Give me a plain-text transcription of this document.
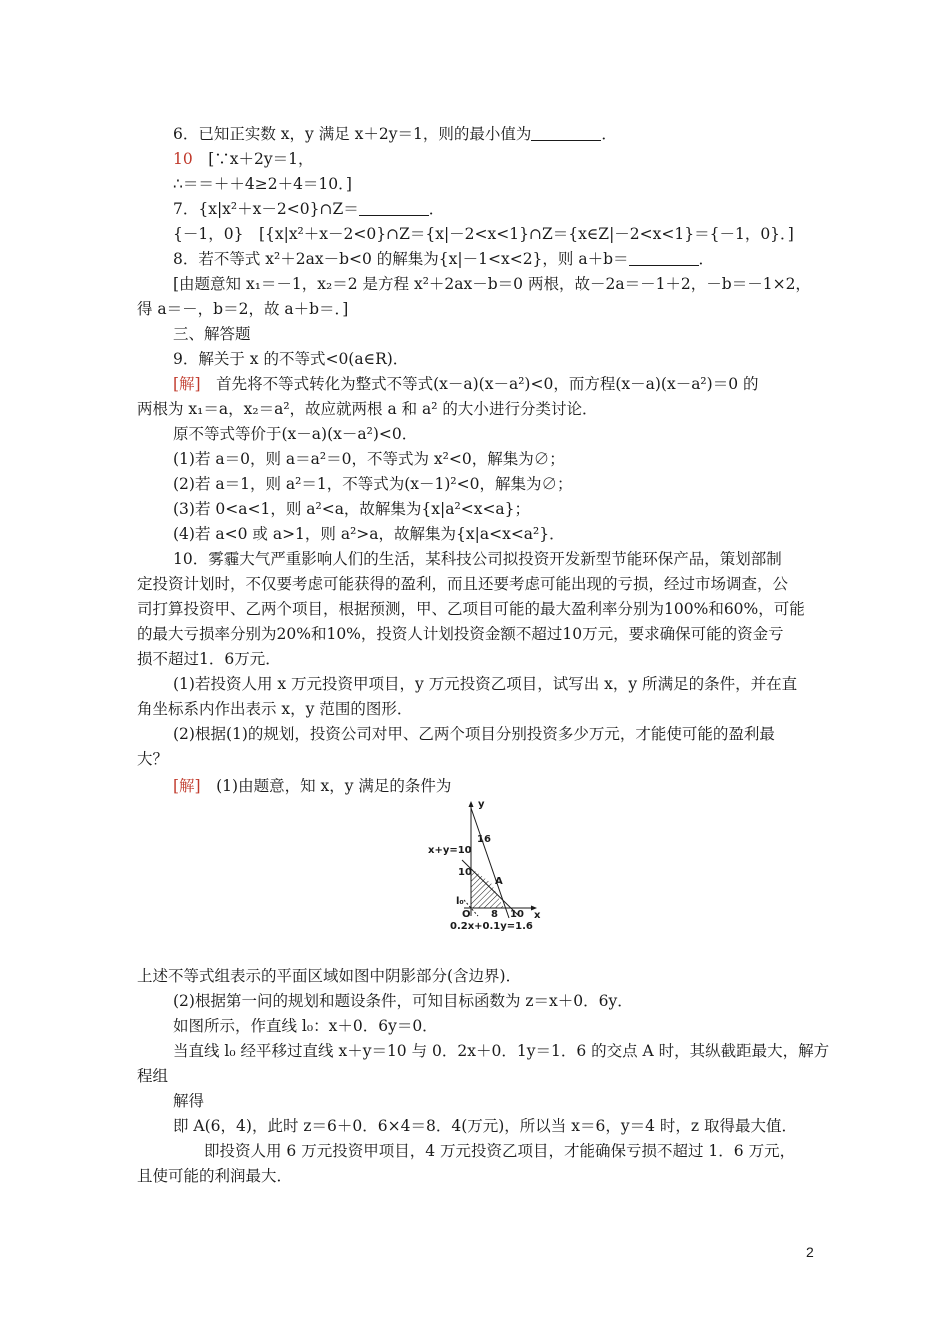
6．已知正实数 x，y 满足 x＋2y＝1，则的最小值为	．
10　[∵x＋2y＝1，
∴＝＝＋＋4≥2＋4＝10．]
7．{x|x²＋x－2<0}∩Z＝	．
{－1，0}　[{x|x²＋x－2<0}∩Z＝{x|－2<x<1}∩Z＝{x∈Z|－2<x<1}＝{－1，0}．]
8．若不等式 x²＋2ax－b<0 的解集为{x|－1<x<2}，则 a＋b＝	．
[由题意知 x₁＝－1，x₂＝2 是方程 x²＋2ax－b＝0 两根，故－2a＝－1＋2，－b＝－1×2，
得 a＝－，b＝2，故 a＋b＝．]
三、解答题
9．解关于 x 的不等式<0(a∈R)．
[解]　首先将不等式转化为整式不等式(x－a)(x－a²)<0，而方程(x－a)(x－a²)＝0 的
两根为 x₁＝a，x₂＝a²，故应就两根 a 和 a² 的大小进行分类讨论．
原不等式等价于(x－a)(x－a²)<0．
(1)若 a＝0，则 a＝a²＝0，不等式为 x²<0，解集为∅；
(2)若 a＝1，则 a²＝1，不等式为(x－1)²<0，解集为∅；
(3)若 0<a<1，则 a²<a，故解集为{x|a²<x<a}；
(4)若 a<0 或 a>1，则 a²>a，故解集为{x|a<x<a²}．
10．雾霾大气严重影响人们的生活，某科技公司拟投资开发新型节能环保产品，策划部制
定投资计划时，不仅要考虑可能获得的盈利，而且还要考虑可能出现的亏损，经过市场调查，公
司打算投资甲、乙两个项目，根据预测，甲、乙项目可能的最大盈利率分别为100%和60%，可能
的最大亏损率分别为20%和10%，投资人计划投资金额不超过10万元，要求确保可能的资金亏
损不超过1．6万元．
(1)若投资人用 x 万元投资甲项目，y 万元投资乙项目，试写出 x，y 所满足的条件，并在直
角坐标系内作出表示 x，y 范围的图形．
(2)根据(1)的规划，投资公司对甲、乙两个项目分别投资多少万元，才能使可能的盈利最
大？
[解]　(1)由题意，知 x，y 满足的条件为
上述不等式组表示的平面区域如图中阴影部分(含边界)．
(2)根据第一问的规划和题设条件，可知目标函数为 z＝x＋0．6y．
如图所示，作直线 l₀：x＋0．6y＝0．
当直线 l₀ 经平移过直线 x＋y＝10 与 0．2x＋0．1y＝1．6 的交点 A 时，其纵截距最大，解方
程组
解得
即 A(6，4)，此时 z＝6＋0．6×4＝8．4(万元)，所以当 x＝6，y＝4 时，z 取得最大值．
　　即投资人用 6 万元投资甲项目，4 万元投资乙项目，才能确保亏损不超过 1．6 万元，
且使可能的利润最大．
y
16
x+y=10
10
A
l₀
O 8 10 x
0.2x+0.1y=1.6
2
